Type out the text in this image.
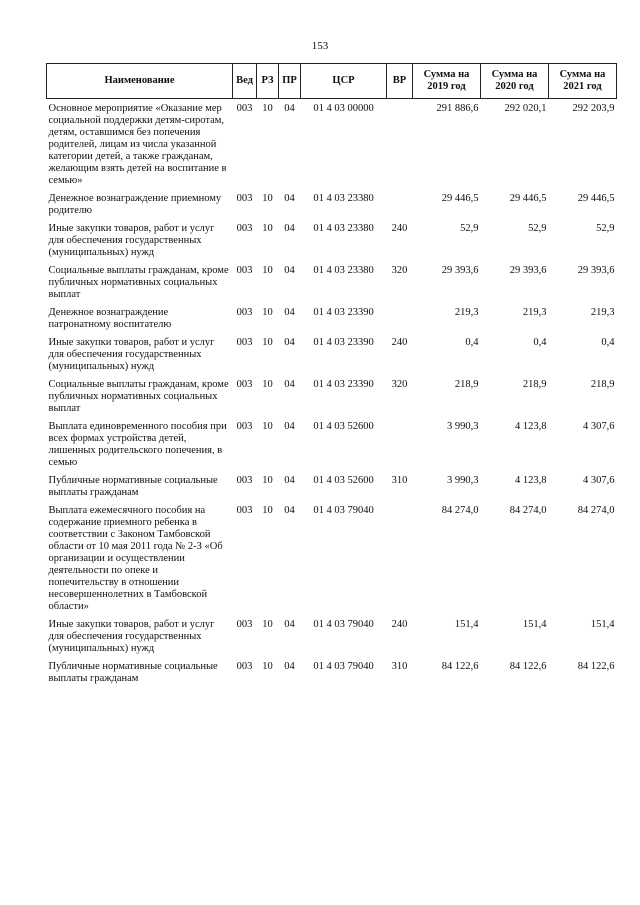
153
Наименование	Вед	РЗ	ПР	ЦСР	ВР	Сумма на 2019 год	Сумма на 2020 год	Сумма на 2021 год
Основное мероприятие «Оказание мер социальной поддержки детям-сиротам, детям, оставшимся без попечения родителей, лицам из числа указанной категории детей, а также гражданам, желающим взять детей на воспитание в семью»	003	10	04	01 4 03 00000		291 886,6	292 020,1	292 203,9
Денежное вознаграждение приемному родителю	003	10	04	01 4 03 23380		29 446,5	29 446,5	29 446,5
Иные закупки товаров, работ и услуг для обеспечения государственных (муниципальных) нужд	003	10	04	01 4 03 23380	240	52,9	52,9	52,9
Социальные выплаты гражданам, кроме публичных нормативных социальных выплат	003	10	04	01 4 03 23380	320	29 393,6	29 393,6	29 393,6
Денежное вознаграждение патронатному воспитателю	003	10	04	01 4 03 23390		219,3	219,3	219,3
Иные закупки товаров, работ и услуг для обеспечения государственных (муниципальных) нужд	003	10	04	01 4 03 23390	240	0,4	0,4	0,4
Социальные выплаты гражданам, кроме публичных нормативных социальных выплат	003	10	04	01 4 03 23390	320	218,9	218,9	218,9
Выплата единовременного пособия при всех формах устройства детей, лишенных родительского попечения, в семью	003	10	04	01 4 03 52600		3 990,3	4 123,8	4 307,6
Публичные нормативные социальные выплаты гражданам	003	10	04	01 4 03 52600	310	3 990,3	4 123,8	4 307,6
Выплата ежемесячного пособия на содержание приемного ребенка в соответствии с Законом Тамбовской области от 10 мая 2011 года № 2-З «Об организации и осуществлении деятельности по опеке и попечительству в отношении несовершеннолетних в Тамбовской области»	003	10	04	01 4 03 79040		84 274,0	84 274,0	84 274,0
Иные закупки товаров, работ и услуг для обеспечения государственных (муниципальных) нужд	003	10	04	01 4 03 79040	240	151,4	151,4	151,4
Публичные нормативные социальные выплаты гражданам	003	10	04	01 4 03 79040	310	84 122,6	84 122,6	84 122,6
